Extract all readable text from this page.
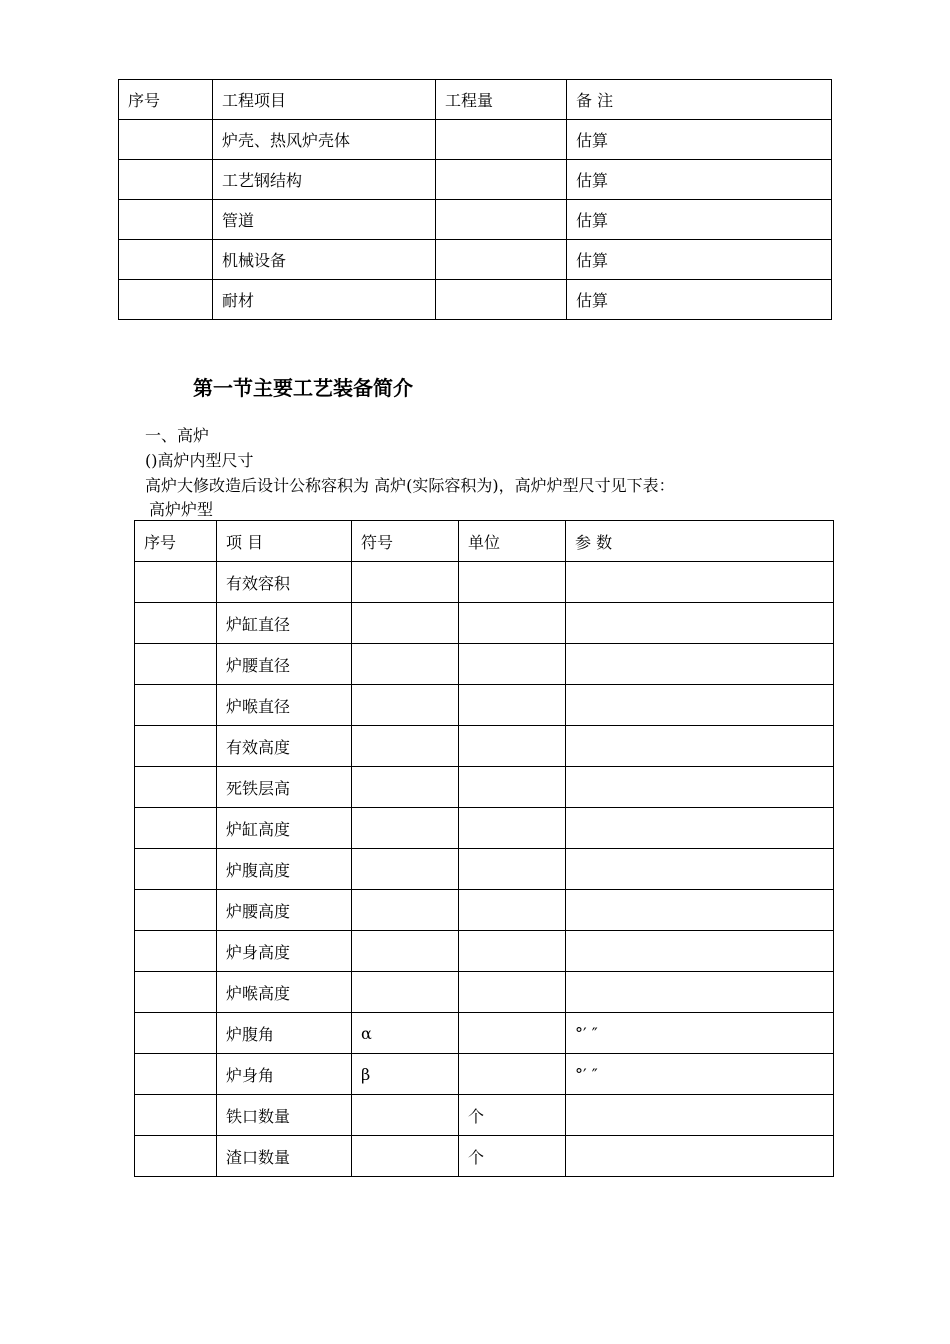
序号	工程项目	工程量	备 注
	炉壳、热风炉壳体		估算
	工艺钢结构		估算
	管道		估算
	机械设备		估算
	耐材		估算
第一节主要工艺装备简介
一、高炉
()高炉内型尺寸
高炉大修改造后设计公称容积为 高炉(实际容积为)，高炉炉型尺寸见下表：
高炉炉型
序号	项 目	符号	单位	参 数
	有效容积			
	炉缸直径			
	炉腰直径			
	炉喉直径			
	有效高度			
	死铁层高			
	炉缸高度			
	炉腹高度			
	炉腰高度			
	炉身高度			
	炉喉高度			
	炉腹角	α		°′ ″
	炉身角	β		°′ ″
	铁口数量		个	
	渣口数量		个	
